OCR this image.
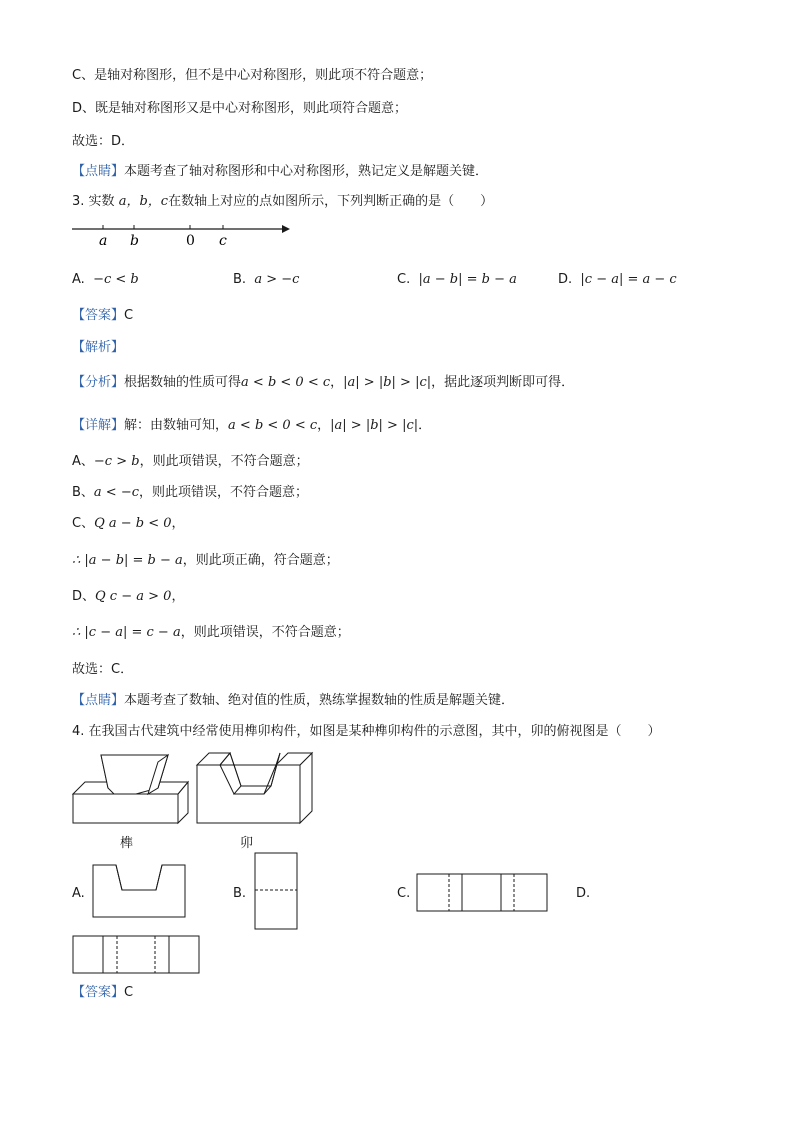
C、是轴对称图形，但不是中心对称图形，则此项不符合题意；
D、既是轴对称图形又是中心对称图形，则此项符合题意；
故选：D．
【点睛】本题考查了轴对称图形和中心对称图形，熟记定义是解题关键．
3. 实数 a，b，c在数轴上对应的点如图所示，下列判断正确的是（　　）
a b	0 c
A. −c < b	B. a > −c	C. |a − b| = b − a	D. |c − a| = a − c
【答案】C
【解析】
【分析】根据数轴的性质可得a < b < 0 < c，|a| > |b| > |c|，据此逐项判断即可得．
【详解】解：由数轴可知，a < b < 0 < c，|a| > |b| > |c|．
A、−c > b，则此项错误，不符合题意；
B、a < −c，则此项错误，不符合题意；
C、Q a − b < 0，
∴ |a − b| = b − a，则此项正确，符合题意；
D、Q c − a > 0，
∴ |c − a| = c − a，则此项错误，不符合题意；
故选：C．
【点睛】本题考查了数轴、绝对值的性质，熟练掌握数轴的性质是解题关键．
4. 在我国古代建筑中经常使用榫卯构件，如图是某种榫卯构件的示意图，其中，卯的俯视图是（　　）
榫	卯
A.	B.	C.	D.
【答案】C
